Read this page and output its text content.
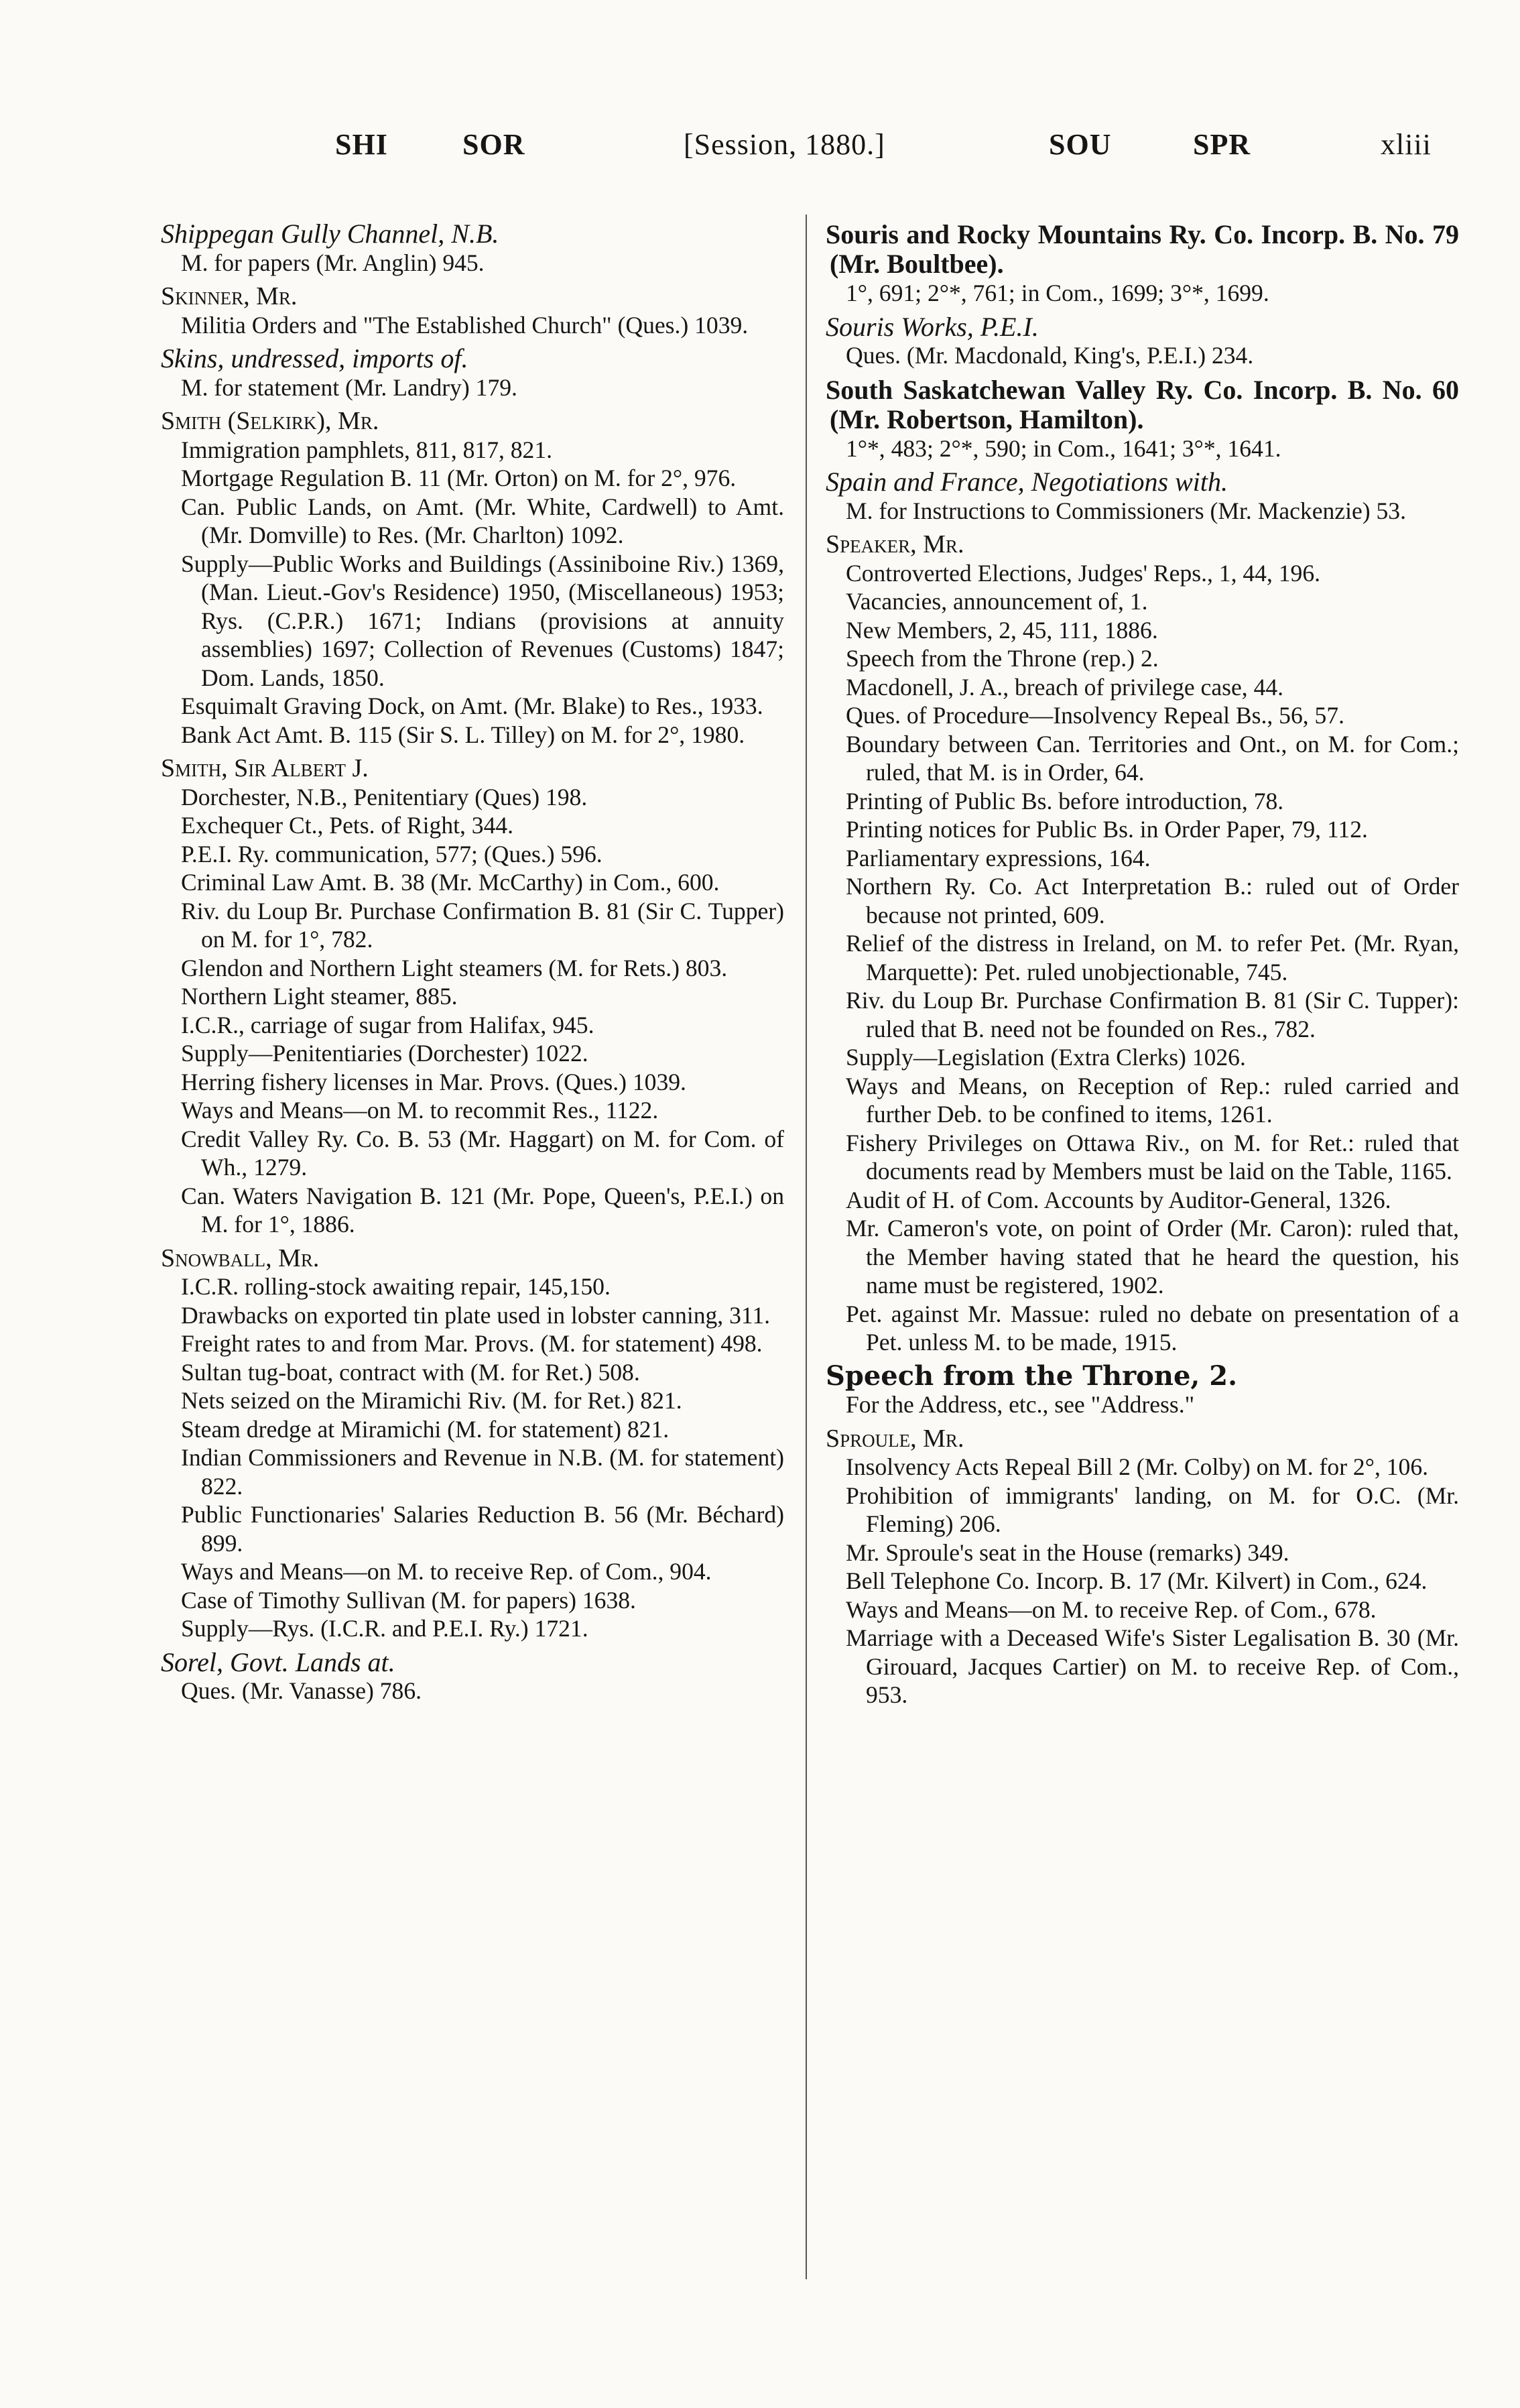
SHI	SOR	[Session, 1880.]	SOU	SPR	xliii
Shippegan Gully Channel, N.B.
M. for papers (Mr. Anglin) 945.
Skinner, Mr.
Militia Orders and "The Established Church" (Ques.) 1039.
Skins, undressed, imports of.
M. for statement (Mr. Landry) 179.
Smith (Selkirk), Mr.
Immigration pamphlets, 811, 817, 821.
Mortgage Regulation B. 11 (Mr. Orton) on M. for 2°, 976.
Can. Public Lands, on Amt. (Mr. White, Cardwell) to Amt. (Mr. Domville) to Res. (Mr. Charlton) 1092.
Supply—Public Works and Buildings (Assiniboine Riv.) 1369, (Man. Lieut.-Gov's Residence) 1950, (Miscellaneous) 1953; Rys. (C.P.R.) 1671; Indians (provisions at annuity assemblies) 1697; Collection of Revenues (Customs) 1847; Dom. Lands, 1850.
Esquimalt Graving Dock, on Amt. (Mr. Blake) to Res., 1933.
Bank Act Amt. B. 115 (Sir S. L. Tilley) on M. for 2°, 1980.
Smith, Sir Albert J.
Dorchester, N.B., Penitentiary (Ques) 198.
Exchequer Ct., Pets. of Right, 344.
P.E.I. Ry. communication, 577; (Ques.) 596.
Criminal Law Amt. B. 38 (Mr. McCarthy) in Com., 600.
Riv. du Loup Br. Purchase Confirmation B. 81 (Sir C. Tupper) on M. for 1°, 782.
Glendon and Northern Light steamers (M. for Rets.) 803.
Northern Light steamer, 885.
I.C.R., carriage of sugar from Halifax, 945.
Supply—Penitentiaries (Dorchester) 1022.
Herring fishery licenses in Mar. Provs. (Ques.) 1039.
Ways and Means—on M. to recommit Res., 1122.
Credit Valley Ry. Co. B. 53 (Mr. Haggart) on M. for Com. of Wh., 1279.
Can. Waters Navigation B. 121 (Mr. Pope, Queen's, P.E.I.) on M. for 1°, 1886.
Snowball, Mr.
I.C.R. rolling-stock awaiting repair, 145,150.
Drawbacks on exported tin plate used in lobster canning, 311.
Freight rates to and from Mar. Provs. (M. for statement) 498.
Sultan tug-boat, contract with (M. for Ret.) 508.
Nets seized on the Miramichi Riv. (M. for Ret.) 821.
Steam dredge at Miramichi (M. for statement) 821.
Indian Commissioners and Revenue in N.B. (M. for statement) 822.
Public Functionaries' Salaries Reduction B. 56 (Mr. Béchard) 899.
Ways and Means—on M. to receive Rep. of Com., 904.
Case of Timothy Sullivan (M. for papers) 1638.
Supply—Rys. (I.C.R. and P.E.I. Ry.) 1721.
Sorel, Govt. Lands at.
Ques. (Mr. Vanasse) 786.
Souris and Rocky Mountains Ry. Co. Incorp. B. No. 79 (Mr. Boultbee).
1°, 691; 2°*, 761; in Com., 1699; 3°*, 1699.
Souris Works, P.E.I.
Ques. (Mr. Macdonald, King's, P.E.I.) 234.
South Saskatchewan Valley Ry. Co. Incorp. B. No. 60 (Mr. Robertson, Hamilton).
1°*, 483; 2°*, 590; in Com., 1641; 3°*, 1641.
Spain and France, Negotiations with.
M. for Instructions to Commissioners (Mr. Mackenzie) 53.
Speaker, Mr.
Controverted Elections, Judges' Reps., 1, 44, 196.
Vacancies, announcement of, 1.
New Members, 2, 45, 111, 1886.
Speech from the Throne (rep.) 2.
Macdonell, J. A., breach of privilege case, 44.
Ques. of Procedure—Insolvency Repeal Bs., 56, 57.
Boundary between Can. Territories and Ont., on M. for Com.; ruled, that M. is in Order, 64.
Printing of Public Bs. before introduction, 78.
Printing notices for Public Bs. in Order Paper, 79, 112.
Parliamentary expressions, 164.
Northern Ry. Co. Act Interpretation B.: ruled out of Order because not printed, 609.
Relief of the distress in Ireland, on M. to refer Pet. (Mr. Ryan, Marquette): Pet. ruled unobjectionable, 745.
Riv. du Loup Br. Purchase Confirmation B. 81 (Sir C. Tupper): ruled that B. need not be founded on Res., 782.
Supply—Legislation (Extra Clerks) 1026.
Ways and Means, on Reception of Rep.: ruled carried and further Deb. to be confined to items, 1261.
Fishery Privileges on Ottawa Riv., on M. for Ret.: ruled that documents read by Members must be laid on the Table, 1165.
Audit of H. of Com. Accounts by Auditor-General, 1326.
Mr. Cameron's vote, on point of Order (Mr. Caron): ruled that, the Member having stated that he heard the question, his name must be registered, 1902.
Pet. against Mr. Massue: ruled no debate on presentation of a Pet. unless M. to be made, 1915.
Speech from the Throne, 2.
For the Address, etc., see "Address."
Sproule, Mr.
Insolvency Acts Repeal Bill 2 (Mr. Colby) on M. for 2°, 106.
Prohibition of immigrants' landing, on M. for O.C. (Mr. Fleming) 206.
Mr. Sproule's seat in the House (remarks) 349.
Bell Telephone Co. Incorp. B. 17 (Mr. Kilvert) in Com., 624.
Ways and Means—on M. to receive Rep. of Com., 678.
Marriage with a Deceased Wife's Sister Legalisation B. 30 (Mr. Girouard, Jacques Cartier) on M. to receive Rep. of Com., 953.
